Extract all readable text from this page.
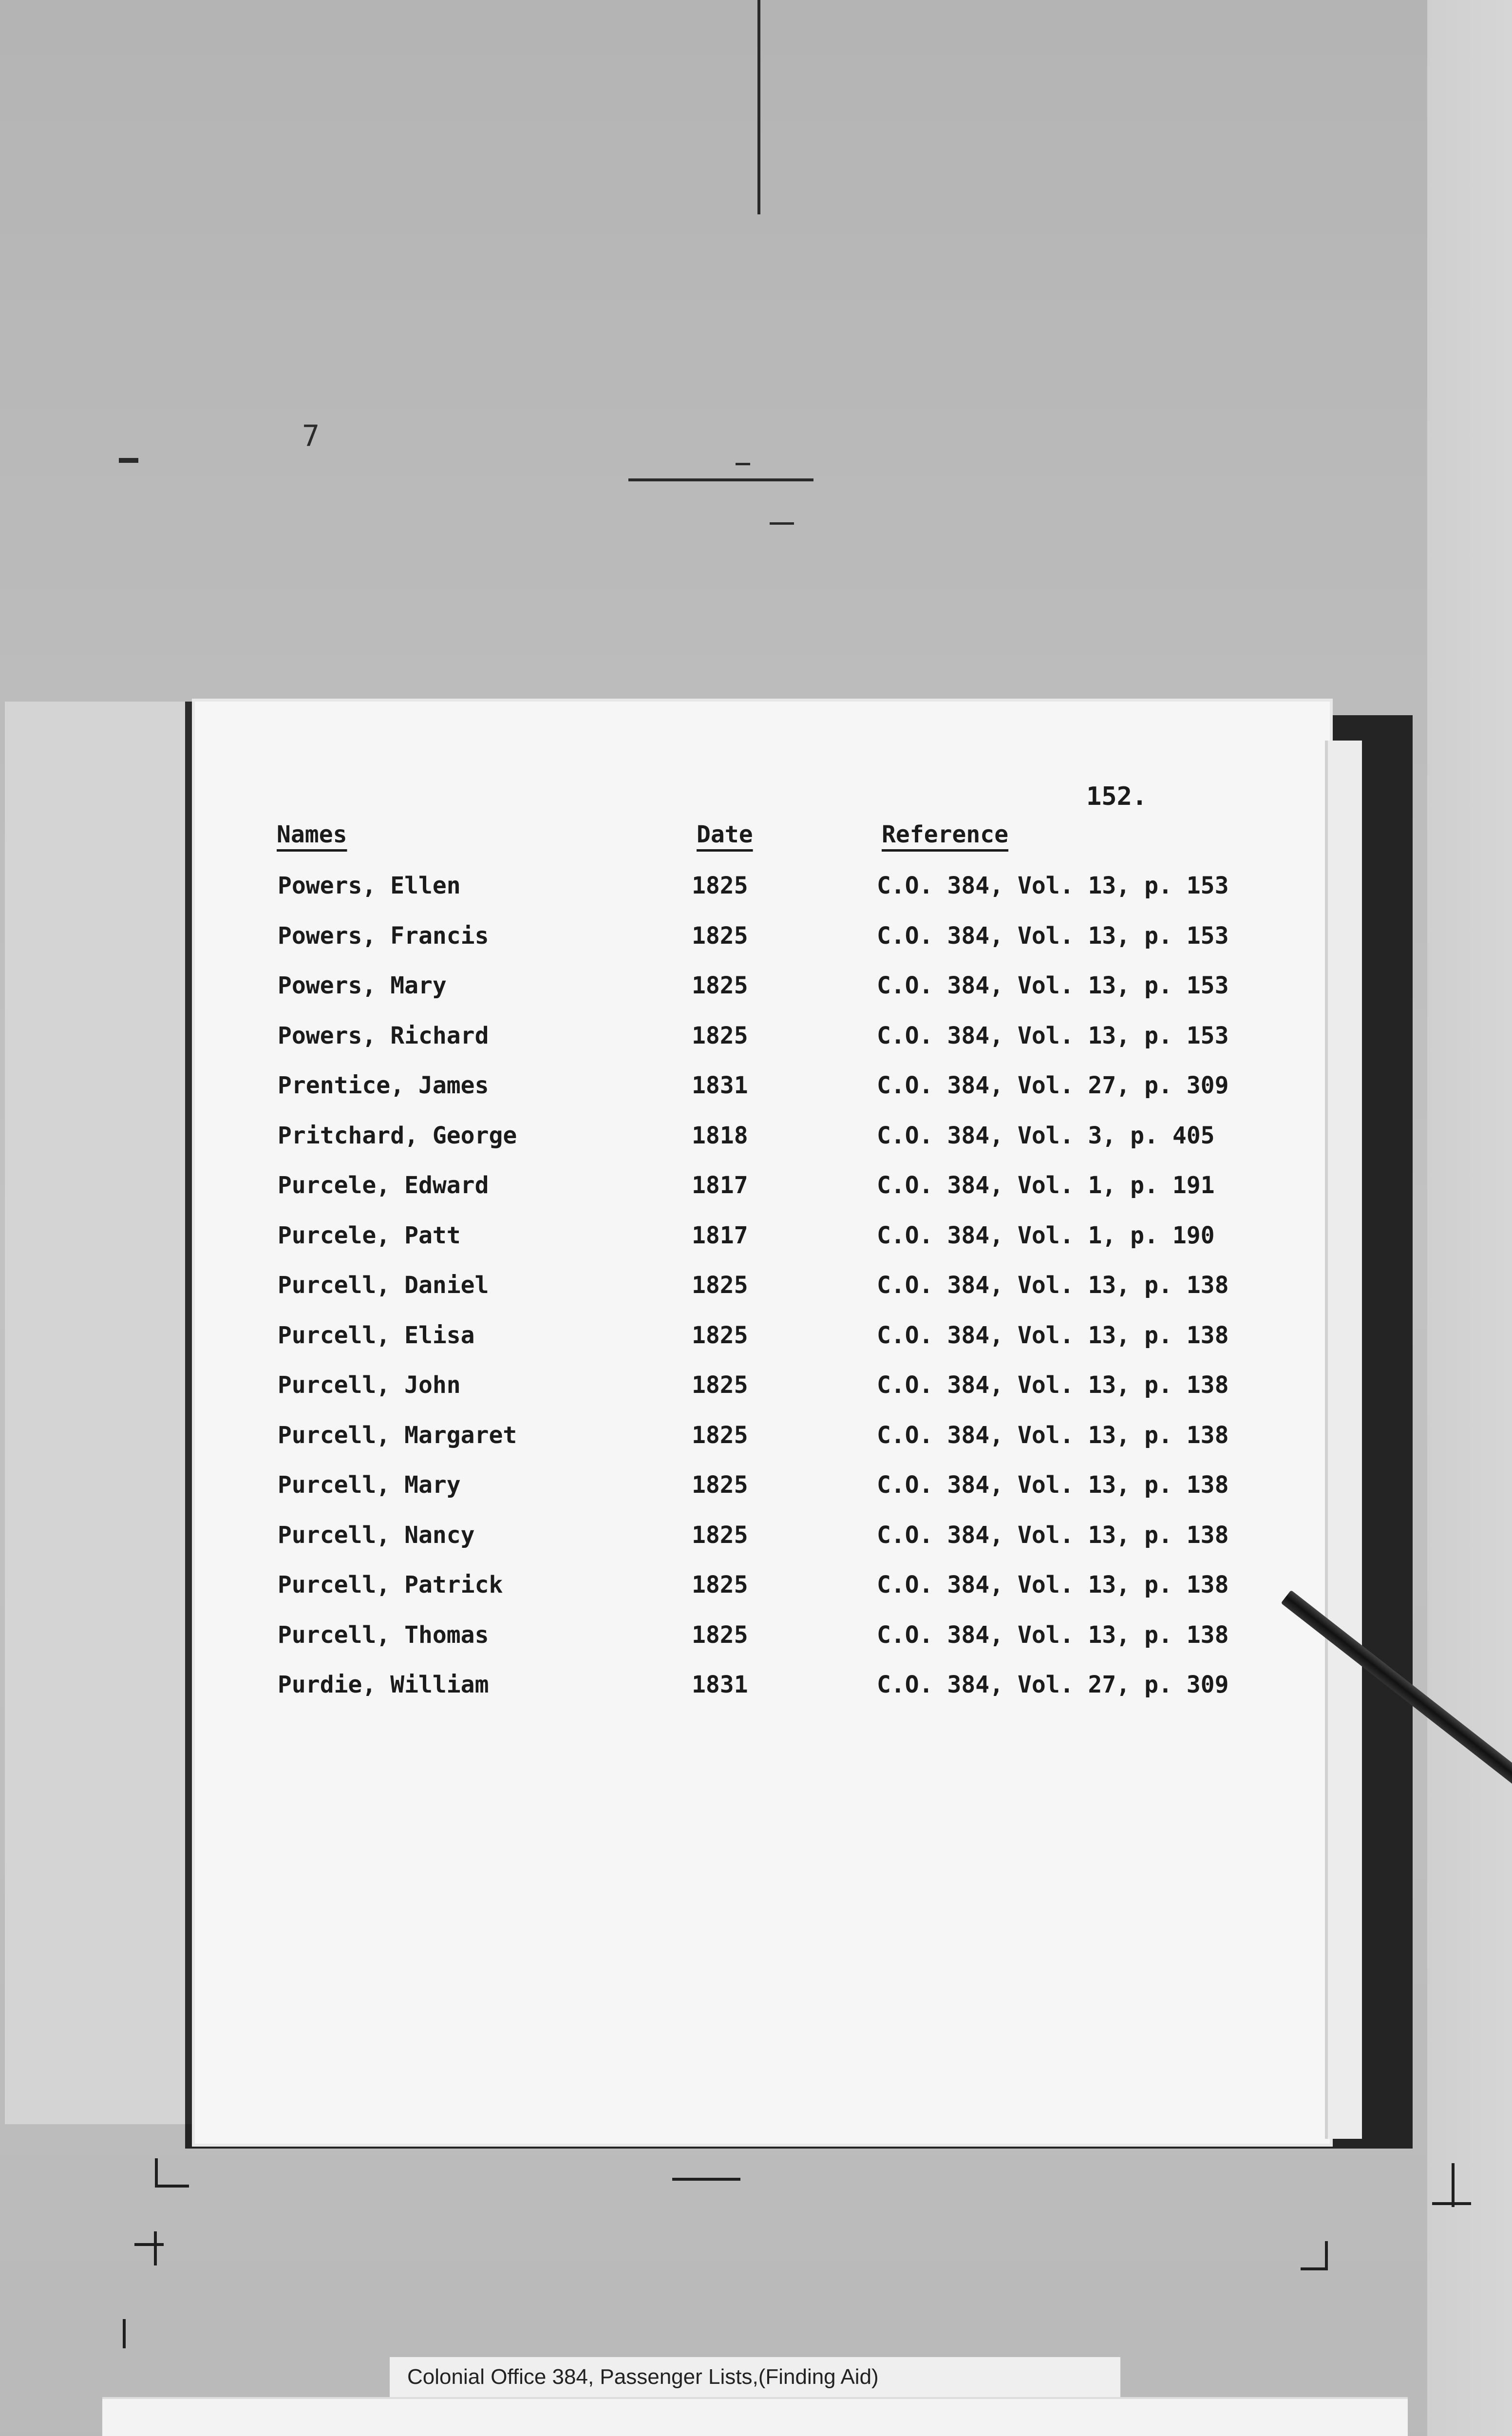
7
152.
Names	Date	Reference
Powers, Ellen	1825	C.O. 384, Vol. 13, p. 153
Powers, Francis	1825	C.O. 384, Vol. 13, p. 153
Powers, Mary	1825	C.O. 384, Vol. 13, p. 153
Powers, Richard	1825	C.O. 384, Vol. 13, p. 153
Prentice, James	1831	C.O. 384, Vol. 27, p. 309
Pritchard, George	1818	C.O. 384, Vol. 3, p. 405
Purcele, Edward	1817	C.O. 384, Vol. 1, p. 191
Purcele, Patt	1817	C.O. 384, Vol. 1, p. 190
Purcell, Daniel	1825	C.O. 384, Vol. 13, p. 138
Purcell, Elisa	1825	C.O. 384, Vol. 13, p. 138
Purcell, John	1825	C.O. 384, Vol. 13, p. 138
Purcell, Margaret	1825	C.O. 384, Vol. 13, p. 138
Purcell, Mary	1825	C.O. 384, Vol. 13, p. 138
Purcell, Nancy	1825	C.O. 384, Vol. 13, p. 138
Purcell, Patrick	1825	C.O. 384, Vol. 13, p. 138
Purcell, Thomas	1825	C.O. 384, Vol. 13, p. 138
Purdie, William	1831	C.O. 384, Vol. 27, p. 309
Colonial Office 384, Passenger Lists,(Finding Aid)
